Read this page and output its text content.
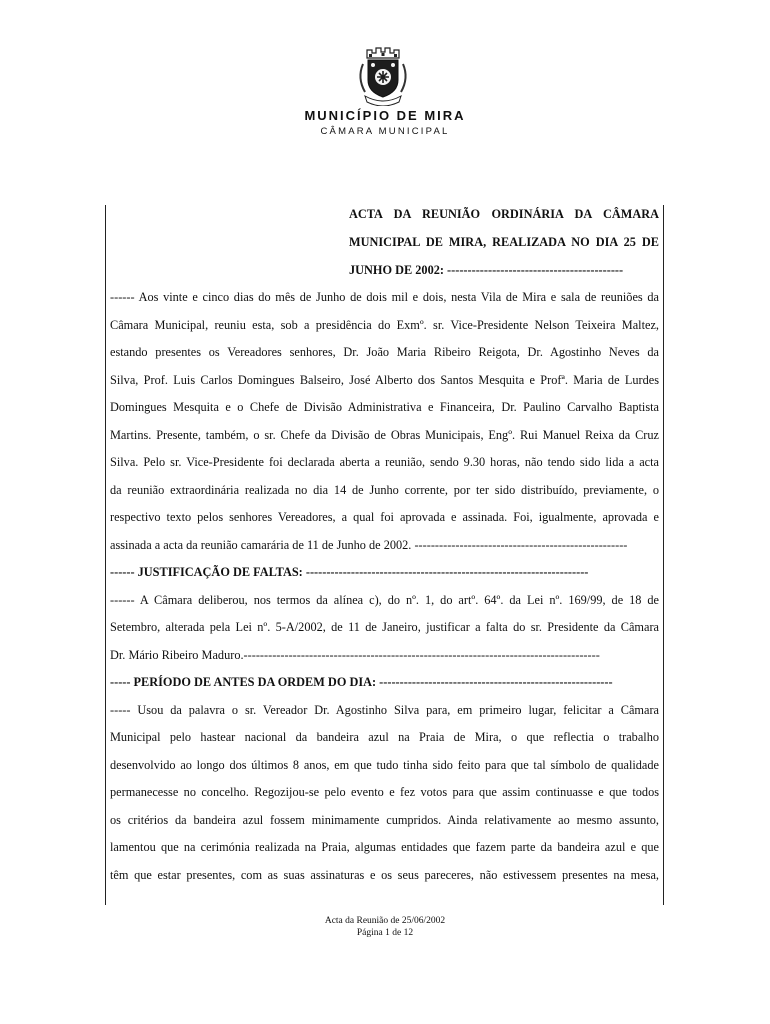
MUNICÍPIO DE MIRA
CÂMARA MUNICIPAL
ACTA DA REUNIÃO ORDINÁRIA DA CÂMARA
MUNICIPAL DE MIRA, REALIZADA NO DIA 25 DE
JUNHO DE 2002: -------------------------------------------
------ Aos vinte e cinco dias do mês de Junho de dois mil e dois, nesta Vila de Mira e sala de reuniões da
Câmara Municipal, reuniu esta, sob a presidência do Exmº. sr. Vice-Presidente Nelson Teixeira Maltez,
estando presentes os Vereadores senhores, Dr. João Maria Ribeiro Reigota, Dr. Agostinho Neves da
Silva, Prof. Luis Carlos Domingues Balseiro, José Alberto dos Santos Mesquita e Profª. Maria de Lurdes
Domingues Mesquita e o Chefe de Divisão Administrativa e Financeira, Dr. Paulino Carvalho Baptista
Martins. Presente, também, o sr. Chefe da Divisão de Obras Municipais, Engº. Rui Manuel Reixa da Cruz
Silva. Pelo sr. Vice-Presidente foi declarada aberta a reunião, sendo 9.30 horas, não tendo sido lida a acta
da reunião extraordinária realizada no dia 14 de Junho corrente, por ter sido distribuído, previamente, o
respectivo texto pelos senhores Vereadores, a qual foi aprovada e assinada. Foi, igualmente, aprovada e
assinada a acta da reunião camarária de 11 de Junho de 2002. ----------------------------------------------------
------ JUSTIFICAÇÃO DE FALTAS: ---------------------------------------------------------------------
------ A Câmara deliberou, nos termos da alínea c), do nº. 1, do artº. 64º. da Lei nº. 169/99, de 18 de
Setembro, alterada pela Lei nº. 5-A/2002, de 11 de Janeiro, justificar a falta do sr. Presidente da Câmara
Dr. Mário Ribeiro Maduro.---------------------------------------------------------------------------------------
----- PERÍODO DE ANTES DA ORDEM DO DIA: ---------------------------------------------------------
----- Usou da palavra o sr. Vereador Dr. Agostinho Silva para, em primeiro lugar, felicitar a Câmara
Municipal pelo hastear nacional da bandeira azul na Praia de Mira, o que reflectia o trabalho
desenvolvido ao longo dos últimos 8 anos, em que tudo tinha sido feito para que tal símbolo de qualidade
permanecesse no concelho. Regozijou-se pelo evento e fez votos para que assim continuasse e que todos
os critérios da bandeira azul fossem minimamente cumpridos. Ainda relativamente ao mesmo assunto,
lamentou que na cerimónia realizada na Praia, algumas entidades que fazem parte da bandeira azul e que
têm que estar presentes, com as suas assinaturas e os seus pareceres, não estivessem presentes na mesa,
Acta da Reunião de 25/06/2002
Página 1 de 12
